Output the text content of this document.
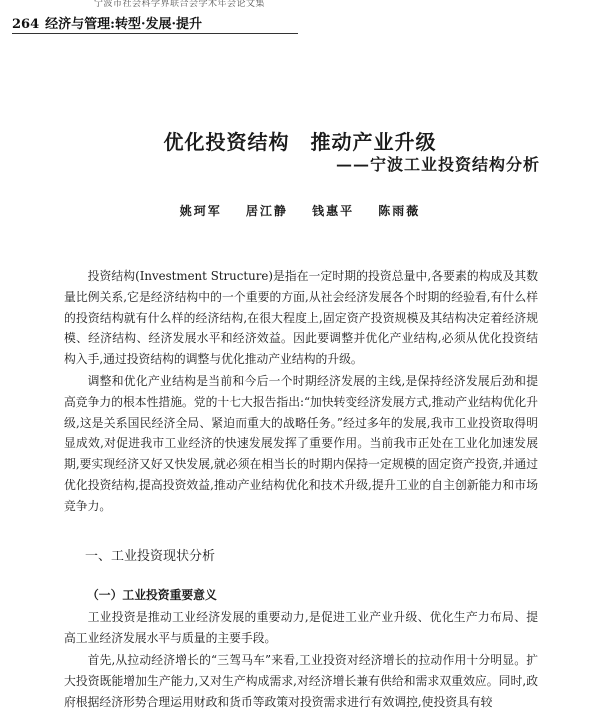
宁波市社会科学界联合会学术年会论文集
264 经济与管理:转型·发展·提升
优化投资结构　推动产业升级
——宁波工业投资结构分析
姚珂军 居江静 钱惠平 陈雨薇

投资结构(Investment Structure)是指在一定时期的投资总量中,各要素的构成及其数量比例关系,它是经济结构中的一个重要的方面,从社会经济发展各个时期的经验看,有什么样的投资结构就有什么样的经济结构,在很大程度上,固定资产投资规模及其结构决定着经济规模、经济结构、经济发展水平和经济效益。因此要调整并优化产业结构,必须从优化投资结构入手,通过投资结构的调整与优化推动产业结构的升级。

调整和优化产业结构是当前和今后一个时期经济发展的主线,是保持经济发展后劲和提高竞争力的根本性措施。党的十七大报告指出:“加快转变经济发展方式,推动产业结构优化升级,这是关系国民经济全局、紧迫而重大的战略任务。”经过多年的发展,我市工业投资取得明显成效,对促进我市工业经济的快速发展发挥了重要作用。当前我市正处在工业化加速发展期,要实现经济又好又快发展,就必须在相当长的时期内保持一定规模的固定资产投资,并通过优化投资结构,提高投资效益,推动产业结构优化和技术升级,提升工业的自主创新能力和市场竞争力。

一、工业投资现状分析
（一）工业投资重要意义

工业投资是推动工业经济发展的重要动力,是促进工业产业升级、优化生产力布局、提高工业经济发展水平与质量的主要手段。

首先,从拉动经济增长的“三驾马车”来看,工业投资对经济增长的拉动作用十分明显。扩大投资既能增加生产能力,又对生产构成需求,对经济增长兼有供给和需求双重效应。同时,政府根据经济形势合理运用财政和货币等政策对投资需求进行有效调控,使投资具有较
